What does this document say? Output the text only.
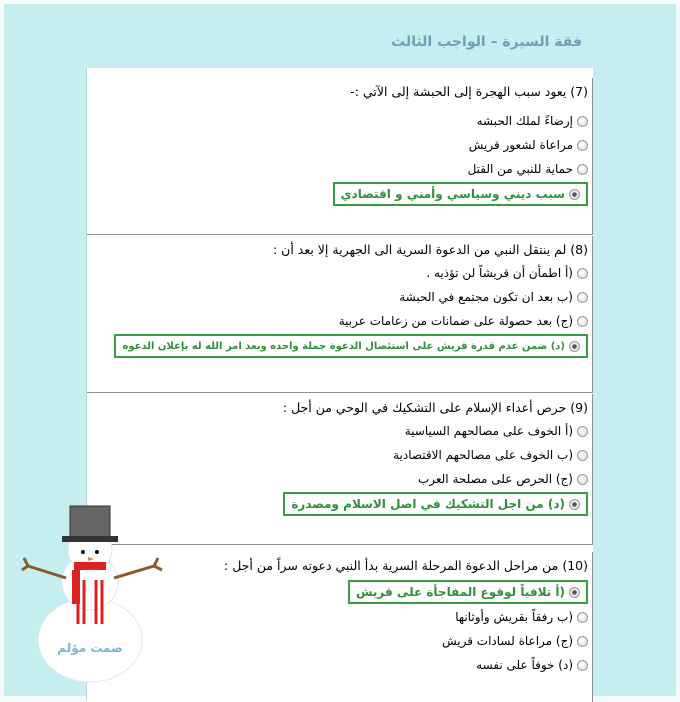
فقة السيرة – الواجب الثالث
(7) يعود سبب الهجرة إلى الحبشة إلى الآتي :-
إرضاءً لملك الحبشه
مراعاة لشعور قريش
حماية للنبي من القتل
سبب ديني وسياسي وأمني و اقتصادي
(8) لم ينتقل النبي من الدعوة السرية الى الجهرية إلا بعد أن :
(أ اطمأن أن قريشاً لن تؤذيه .
(ب بعد ان تكون مجتمع في الحبشة
(ج) بعد حصولة على ضمانات من زعامات عربية
(د) ضمن عدم قدرة قريش على استئصال الدعوة جملة واحده وبعد امر الله له بإعلان الدعوه
(9) حرص أعداء الإسلام على التشكيك في الوحي من أجل :
(أ الخوف على مصالحهم السياسية
(ب الخوف على مصالحهم الاقتصادية
(ج) الحرص على مصلحة العرب
(د) من اجل التشكيك في اصل الاسلام ومصدرة
(10) من مراحل الدعوة المرحلة السرية بدأ النبي دعوته سراً من أجل :
(أ تلافياً لوقوع المفاجأة على قريش
(ب رفقاً بقريش وأوثانها
(ج) مراعاة لسادات قريش
(د) خوفاً على نفسه
صمت مؤلم
